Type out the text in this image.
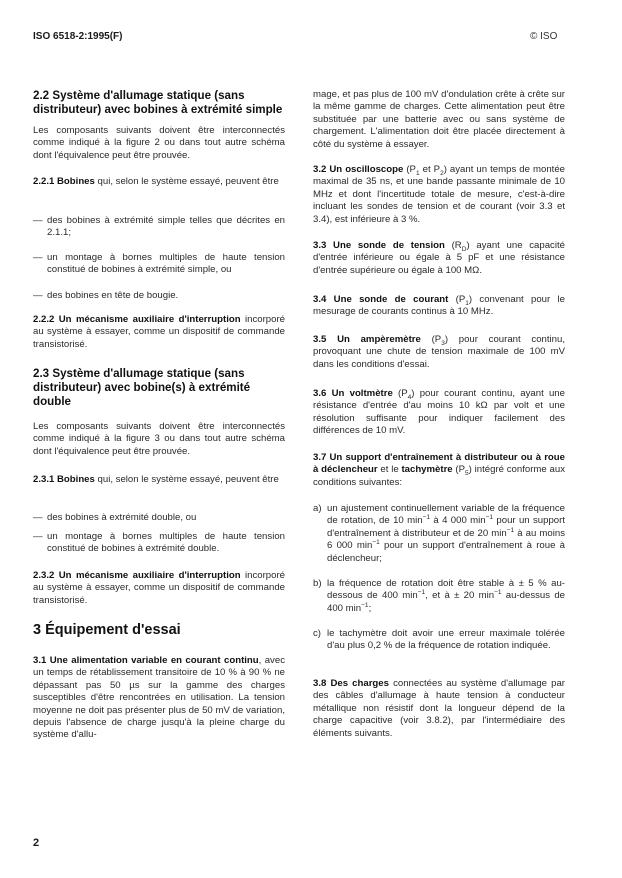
ISO 6518-2:1995(F)	© ISO
2.2 Système d'allumage statique (sans distributeur) avec bobines à extrémité simple
Les composants suivants doivent être interconnectés comme indiqué à la figure 2 ou dans tout autre schéma dont l'équivalence peut être prouvée.
2.2.1 Bobines qui, selon le système essayé, peuvent être
— des bobines à extrémité simple telles que décrites en 2.1.1;
— un montage à bornes multiples de haute tension constitué de bobines à extrémité simple, ou
— des bobines en tête de bougie.
2.2.2 Un mécanisme auxiliaire d'interruption incorporé au système à essayer, comme un dispositif de commande transistorisé.
2.3 Système d'allumage statique (sans distributeur) avec bobine(s) à extrémité double
Les composants suivants doivent être interconnectés comme indiqué à la figure 3 ou dans tout autre schéma dont l'équivalence peut être prouvée.
2.3.1 Bobines qui, selon le système essayé, peuvent être
— des bobines à extrémité double, ou
— un montage à bornes multiples de haute tension constitué de bobines à extrémité double.
2.3.2 Un mécanisme auxiliaire d'interruption incorporé au système à essayer, comme un dispositif de commande transistorisé.
3 Équipement d'essai
3.1 Une alimentation variable en courant continu, avec un temps de rétablissement transitoire de 10 % à 90 % ne dépassant pas 50 µs sur la gamme des charges susceptibles d'être rencontrées en utilisation. La tension moyenne ne doit pas présenter plus de 50 mV de variation, depuis l'absence de charge jusqu'à la pleine charge du système d'allu-
mage, et pas plus de 100 mV d'ondulation crête à crête sur la même gamme de charges. Cette alimentation peut être substituée par une batterie avec ou sans système de chargement. L'alimentation doit être placée directement à côté du système à essayer.
3.2 Un oscilloscope ($P_1$ et $P_2$) ayant un temps de montée maximal de 35 ns, et une bande passante minimale de 10 MHz et dont l'incertitude totale de mesure, c'est-à-dire incluant les sondes de tension et de courant (voir 3.3 et 3.4), est inférieure à 3 %.
3.3 Une sonde de tension $(R_D)$ ayant une capacité d'entrée inférieure ou égale à 5 pF et une résistance d'entrée supérieure ou égale à 100 MΩ.
3.4 Une sonde de courant $(P_1)$ convenant pour le mesurage de courants continus à 10 MHz.
3.5 Un ampèremètre $(P_3)$ pour courant continu, provoquant une chute de tension maximale de 100 mV dans les conditions d'essai.
3.6 Un voltmètre $(P_4)$ pour courant continu, ayant une résistance d'entrée d'au moins 10 kΩ par volt et une résolution suffisante pour indiquer facilement des différences de 10 mV.
3.7 Un support d'entraînement à distributeur ou à roue à déclencheur et le tachymètre $(P_5)$ intégré conforme aux conditions suivantes:
a) un ajustement continuellement variable de la fréquence de rotation, de 10 $\min^{-1}$ à 4 000 $\min^{-1}$ pour un support d'entraînement à distributeur et de 20 $\min^{-1}$ à au moins 6 000 $\min^{-1}$ pour un support d'entraînement à roue à déclencheur;
b) la fréquence de rotation doit être stable à ± 5 % au-dessous de 400 $\min^{-1}$, et à ± 20 $\min^{-1}$ au-dessus de 400 $\min^{-1}$;
c) le tachymètre doit avoir une erreur maximale tolérée d'au plus 0,2 % de la fréquence de rotation indiquée.
3.8 Des charges connectées au système d'allumage par des câbles d'allumage à haute tension à conducteur métallique non résistif dont la longueur dépend de la charge capacitive (voir 3.8.2), par l'intermédiaire des éléments suivants.
2
